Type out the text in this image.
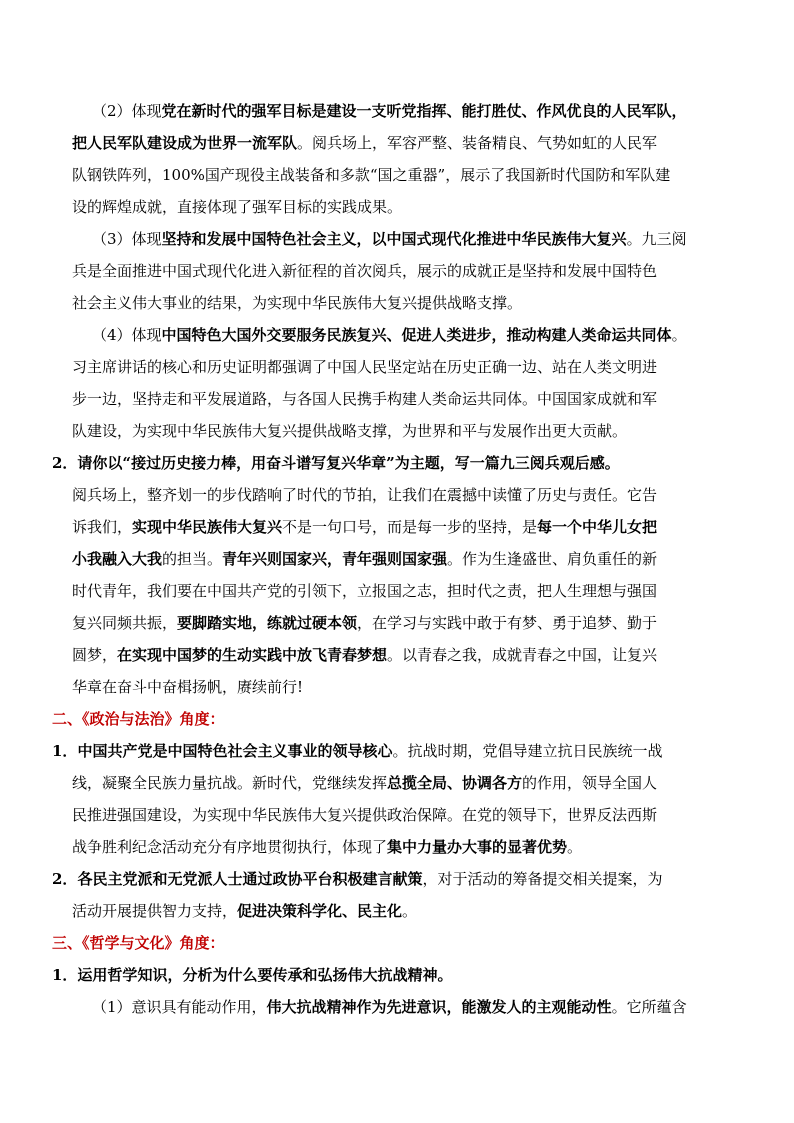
（2）体现党在新时代的强军目标是建设一支听党指挥、能打胜仗、作风优良的人民军队，
把人民军队建设成为世界一流军队。阅兵场上，军容严整、装备精良、气势如虹的人民军
队钢铁阵列，100%国产现役主战装备和多款“国之重器”，展示了我国新时代国防和军队建
设的辉煌成就，直接体现了强军目标的实践成果。
（3）体现坚持和发展中国特色社会主义，以中国式现代化推进中华民族伟大复兴。九三阅
兵是全面推进中国式现代化进入新征程的首次阅兵，展示的成就正是坚持和发展中国特色
社会主义伟大事业的结果，为实现中华民族伟大复兴提供战略支撑。
（4）体现中国特色大国外交要服务民族复兴、促进人类进步，推动构建人类命运共同体。
习主席讲话的核心和历史证明都强调了中国人民坚定站在历史正确一边、站在人类文明进
步一边，坚持走和平发展道路，与各国人民携手构建人类命运共同体。中国国家成就和军
队建设，为实现中华民族伟大复兴提供战略支撑，为世界和平与发展作出更大贡献。
2．请你以“接过历史接力棒，用奋斗谱写复兴华章”为主题，写一篇九三阅兵观后感。
阅兵场上，整齐划一的步伐踏响了时代的节拍，让我们在震撼中读懂了历史与责任。它告
诉我们，实现中华民族伟大复兴不是一句口号，而是每一步的坚持，是每一个中华儿女把
小我融入大我的担当。青年兴则国家兴，青年强则国家强。作为生逢盛世、肩负重任的新
时代青年，我们要在中国共产党的引领下，立报国之志，担时代之责，把人生理想与强国
复兴同频共振，要脚踏实地，练就过硬本领，在学习与实践中敢于有梦、勇于追梦、勤于
圆梦，在实现中国梦的生动实践中放飞青春梦想。以青春之我，成就青春之中国，让复兴
华章在奋斗中奋楫扬帆，赓续前行!
二、《政治与法治》角度：
1．中国共产党是中国特色社会主义事业的领导核心。抗战时期，党倡导建立抗日民族统一战
线，凝聚全民族力量抗战。新时代，党继续发挥总揽全局、协调各方的作用，领导全国人
民推进强国建设，为实现中华民族伟大复兴提供政治保障。在党的领导下，世界反法西斯
战争胜利纪念活动充分有序地贯彻执行，体现了集中力量办大事的显著优势。
2．各民主党派和无党派人士通过政协平台积极建言献策，对于活动的筹备提交相关提案，为
活动开展提供智力支持，促进决策科学化、民主化。
三、《哲学与文化》角度：
1．运用哲学知识，分析为什么要传承和弘扬伟大抗战精神。
（1）意识具有能动作用，伟大抗战精神作为先进意识，能激发人的主观能动性。它所蕴含
